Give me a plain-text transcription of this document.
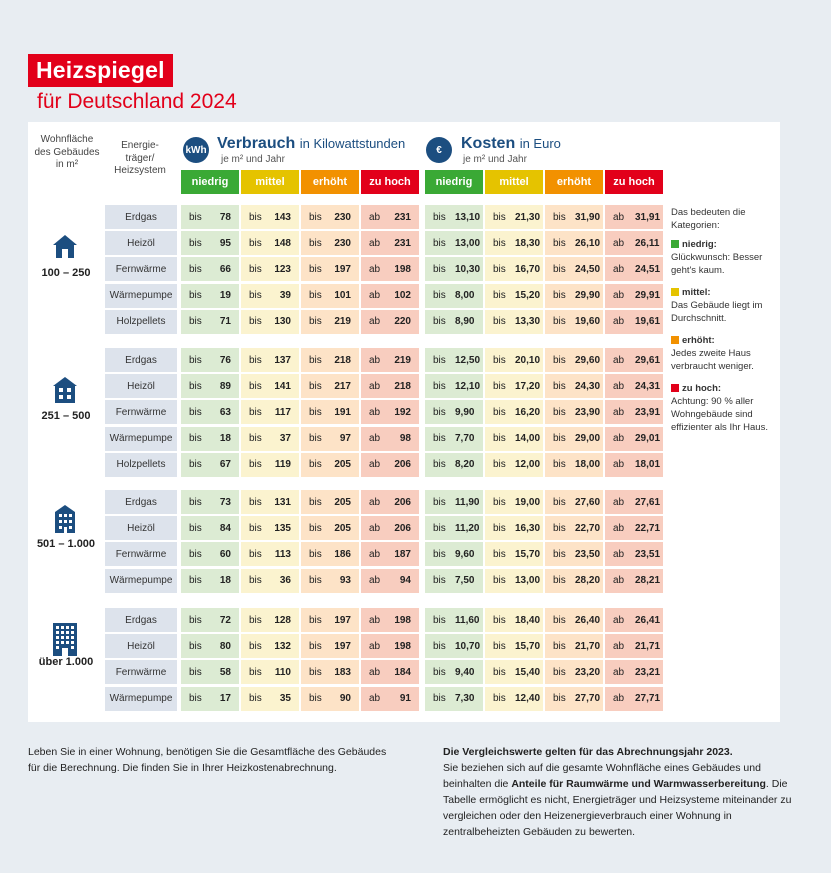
Heizspiegel
für Deutschland 2024
Wohnfläche des Gebäudes in m²
Energie-träger/ Heizsystem
kWh Verbrauch in Kilowattstunden
je m² und Jahr
€	Kosten in Euro
je m² und Jahr
niedrig	mittel	erhöht	zu hoch	niedrig	mittel	erhöht	zu hoch
100 – 250
Erdgas	bis	78	bis	143	bis	230	ab	231	bis 13,10	bis 21,30	bis 31,90	ab	31,91
Heizöl	bis	95	bis	148	bis	230	ab	231	bis 13,00	bis 18,30	bis 26,10	ab	26,11
Fernwärme	bis	66	bis	123	bis	197	ab	198	bis 10,30	bis 16,70	bis 24,50	ab	24,51
Wärmepumpe	bis	19	bis	39	bis	101	ab	102	bis 8,00	bis 15,20	bis 29,90	ab	29,91
Holzpellets	bis	71	bis	130	bis	219	ab	220	bis 8,90	bis 13,30	bis 19,60	ab	19,61
251 – 500
Erdgas	bis	76	bis	137	bis	218	ab	219	bis 12,50	bis 20,10	bis 29,60	ab	29,61
Heizöl	bis	89	bis	141	bis	217	ab	218	bis 12,10	bis 17,20	bis 24,30	ab	24,31
Fernwärme	bis	63	bis	117	bis	191	ab	192	bis 9,90	bis 16,20	bis 23,90	ab	23,91
Wärmepumpe	bis	18	bis	37	bis	97	ab	98	bis 7,70	bis 14,00	bis 29,00	ab	29,01
Holzpellets	bis	67	bis	119	bis	205	ab	206	bis 8,20	bis 12,00	bis 18,00	ab	18,01
501 – 1.000
Erdgas	bis	73	bis	131	bis	205	ab	206	bis 11,90	bis 19,00	bis 27,60	ab	27,61
Heizöl	bis	84	bis	135	bis	205	ab	206	bis 11,20	bis 16,30	bis 22,70	ab	22,71
Fernwärme	bis	60	bis	113	bis	186	ab	187	bis 9,60	bis 15,70	bis 23,50	ab	23,51
Wärmepumpe	bis	18	bis	36	bis	93	ab	94	bis 7,50	bis 13,00	bis 28,20	ab	28,21
über 1.000
Erdgas	bis	72	bis	128	bis	197	ab	198	bis 11,60	bis 18,40	bis 26,40	ab	26,41
Heizöl	bis	80	bis	132	bis	197	ab	198	bis 10,70	bis 15,70	bis 21,70	ab	21,71
Fernwärme	bis	58	bis	110	bis	183	ab	184	bis 9,40	bis 15,40	bis 23,20	ab	23,21
Wärmepumpe	bis	17	bis	35	bis	90	ab	91	bis 7,30	bis 12,40	bis 27,70	ab	27,71

Das bedeuten die Kategorien:

niedrig:
Glückwunsch: Besser geht's kaum.

mittel:
Das Gebäude liegt im Durchschnitt.

erhöht:
Jedes zweite Haus verbraucht weniger.

zu hoch:
Achtung: 90 % aller Wohngebäude sind effizienter als Ihr Haus.

Leben Sie in einer Wohnung, benötigen Sie die Gesamtfläche des Gebäudes für die Berechnung. Die finden Sie in Ihrer Heizkostenabrechnung.
Die Vergleichswerte gelten für das Abrechnungsjahr 2023.
Sie beziehen sich auf die gesamte Wohnfläche eines Gebäudes und beinhalten die Anteile für Raumwärme und Warmwasserbereitung. Die Tabelle ermöglicht es nicht, Energieträger und Heizsysteme miteinander zu vergleichen oder den Heizenergieverbrauch einer Wohnung in zentralbeheizten Gebäuden zu bewerten.
